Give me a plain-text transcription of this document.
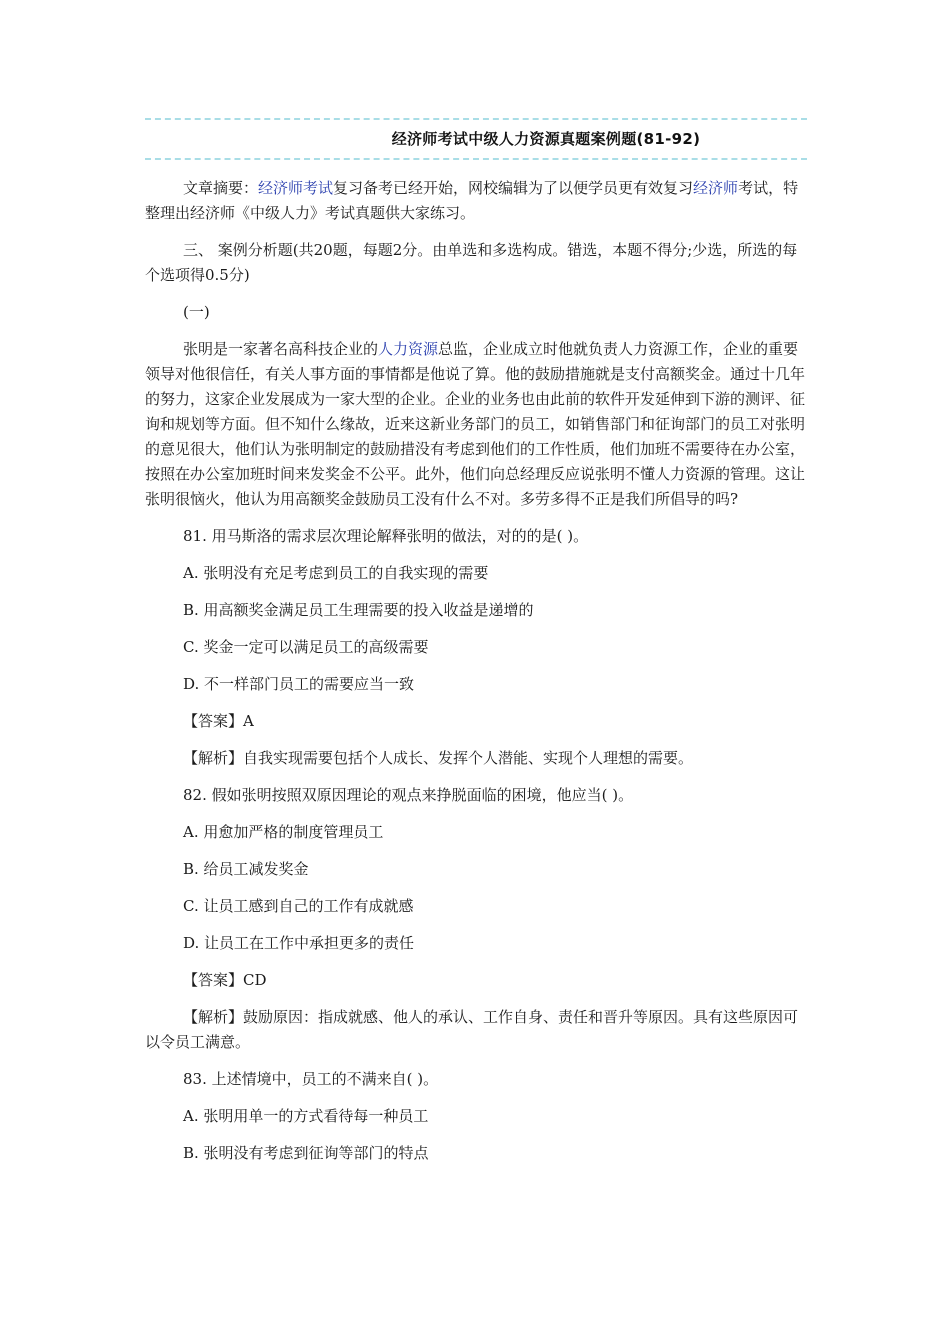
经济师考试中级人力资源真题案例题(81-92)

文章摘要：经济师考试复习备考已经开始，网校编辑为了以便学员更有效复习经济师考试，特整理出经济师《中级人力》考试真题供大家练习。

三、 案例分析题(共20题，每题2分。由单选和多选构成。错选，本题不得分;少选，所选的每个选项得0.5分)

(一)

张明是一家著名高科技企业的人力资源总监，企业成立时他就负责人力资源工作，企业的重要领导对他很信任，有关人事方面的事情都是他说了算。他的鼓励措施就是支付高额奖金。通过十几年的努力，这家企业发展成为一家大型的企业。企业的业务也由此前的软件开发延伸到下游的测评、征询和规划等方面。但不知什么缘故，近来这新业务部门的员工，如销售部门和征询部门的员工对张明的意见很大，他们认为张明制定的鼓励措没有考虑到他们的工作性质，他们加班不需要待在办公室，按照在办公室加班时间来发奖金不公平。此外，他们向总经理反应说张明不懂人力资源的管理。这让张明很恼火，他认为用高额奖金鼓励员工没有什么不对。多劳多得不正是我们所倡导的吗?

81. 用马斯洛的需求层次理论解释张明的做法，对的的是( )。

A. 张明没有充足考虑到员工的自我实现的需要

B. 用高额奖金满足员工生理需要的投入收益是递增的

C. 奖金一定可以满足员工的高级需要

D. 不一样部门员工的需要应当一致

【答案】A

【解析】自我实现需要包括个人成长、发挥个人潜能、实现个人理想的需要。

82. 假如张明按照双原因理论的观点来挣脱面临的困境，他应当( )。

A. 用愈加严格的制度管理员工

B. 给员工减发奖金

C. 让员工感到自己的工作有成就感

D. 让员工在工作中承担更多的责任

【答案】CD

【解析】鼓励原因：指成就感、他人的承认、工作自身、责任和晋升等原因。具有这些原因可以令员工满意。

83. 上述情境中，员工的不满来自( )。

A. 张明用单一的方式看待每一种员工

B. 张明没有考虑到征询等部门的特点
